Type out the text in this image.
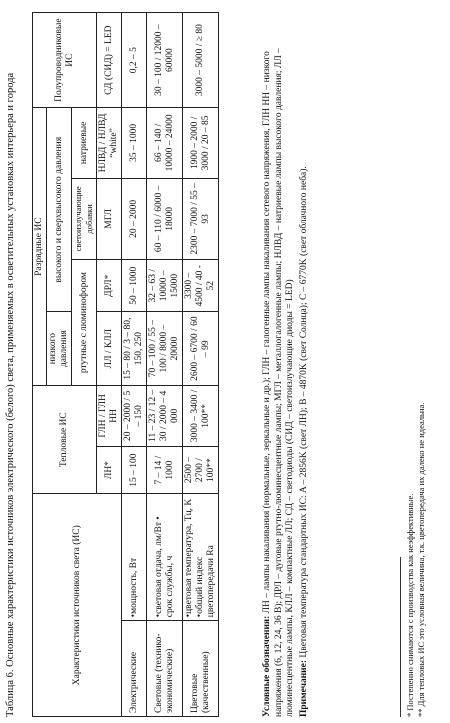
Таблица 6. Основные характеристики источников электрического (белого) света, применяемых в осветительных установках интерьера и города	Характеристики источников света (ИС)		Тепловые ИС		Разрядные ИС				Полупроводниковые ИС
				низкого давления	высокого и сверхвысокого давления			
				ртутные с люминофором		светоизлучающие добавки	натриевые	
		ЛН*	ГЛН / ГЛН НН	ЛЛ / КЛЛ	ДРЛ*	МГЛ	НЛВД / НЛВД “white”	СД (СИД) = LED
Электрические	•мощность, Вт	15 – 100	20 – 2000 / 5 – 150	15 – 80 / 3 – 80, 150, 250	50 – 1000	20 – 2000	35 – 1000	0,2 – 5
Световые (технико-экономические)	•световая отдача, лм/Вт • срок службы, ч	7 – 14 / 1000	11 – 23 / 12 – 30 / 2000 – 4 000	70 – 100 / 55 – 100 / 8000 – 20000	32 – 63 / 10000 – 15000	60 – 110 / 6000 – 18000	66 – 140 / 10000 – 24000	30 – 100 / 12000 – 60000
Цветовые (качественные)	•цветовая температура, Tц, K •общий индекс цветопередачи Ra	2500 – 2700 / 100**	3000 – 3400 / 100**	2600 – 6700 / 60 – 99	3300 – 4500 / 40 - 52	2300 – 7000 / 55 – 93	1900 – 2000 / 3000 / 20 – 85	3000 – 5000 / ≥ 80

Условные обозначения: ЛН – лампы накаливания (нормальные, зеркальные и др.); ГЛН – галогенные лампы накаливания сетевого напряжения, ГЛН НН – низкого напряжения (6, 12, 24, 36 В); ДРЛ – дуговые ртутно-люминесцентные лампы; МГЛ – металлогалогенные лампы; НЛВД – натриевые лампы высокого давления; ЛЛ – люминесцентные лампы, КЛЛ – компактные ЛЛ; СД – светодиоды (СИД – светоизлучающие диоды = LED) Примечание: Цветовая температура стандартных ИС: A – 2856K (свет ЛН); B – 4870K (свет Солнца); C – 6770K (свет облачного неба).	* Постепенно снимаются с производства как неэффективные. ** Для тепловых ИС это условная величина, т.к. цветопередача их далеко не идеальна.
